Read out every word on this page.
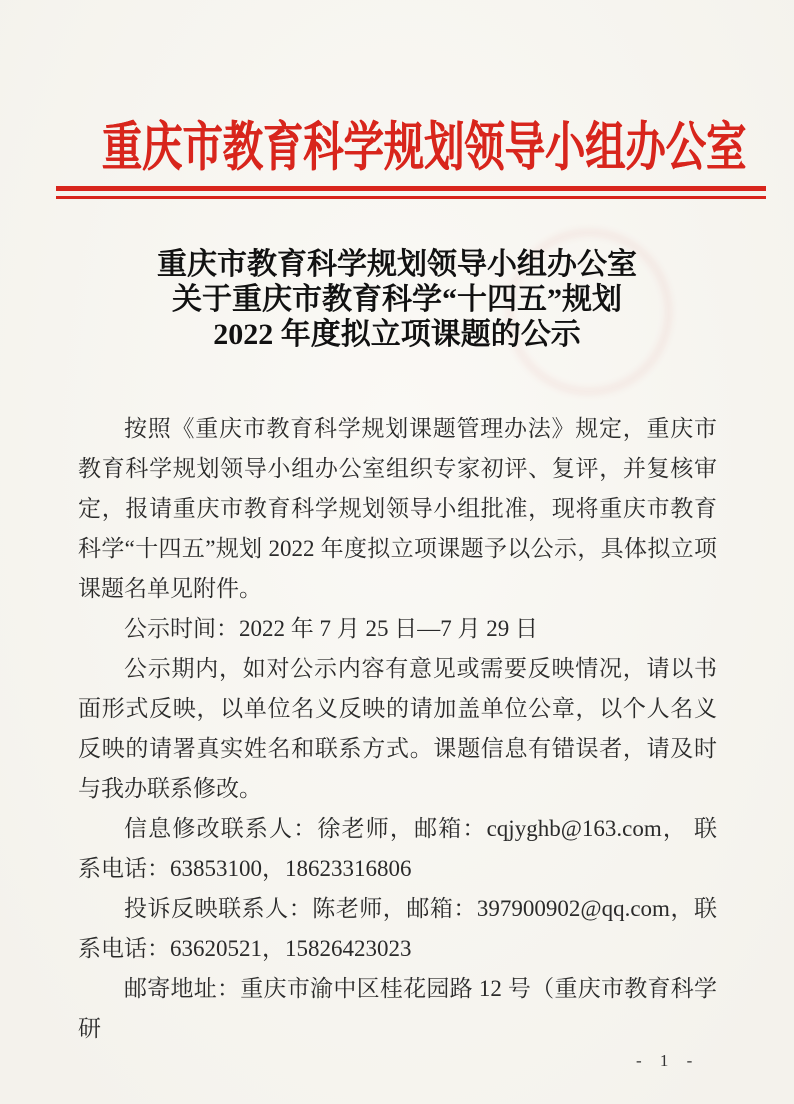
重庆市教育科学规划领导小组办公室
重庆市教育科学规划领导小组办公室
关于重庆市教育科学“十四五”规划
2022 年度拟立项课题的公示

按照《重庆市教育科学规划课题管理办法》规定，重庆市教育科学规划领导小组办公室组织专家初评、复评，并复核审定，报请重庆市教育科学规划领导小组批准，现将重庆市教育科学“十四五”规划 2022 年度拟立项课题予以公示，具体拟立项课题名单见附件。

公示时间：2022 年 7 月 25 日—7 月 29 日

公示期内，如对公示内容有意见或需要反映情况，请以书面形式反映，以单位名义反映的请加盖单位公章，以个人名义反映的请署真实姓名和联系方式。课题信息有错误者，请及时与我办联系修改。

信息修改联系人：徐老师，邮箱：cqjyghb@163.com， 联系电话：63853100，18623316806

投诉反映联系人：陈老师，邮箱：397900902@qq.com，联系电话：63620521，15826423023

邮寄地址：重庆市渝中区桂花园路 12 号（重庆市教育科学研

- 1 -
